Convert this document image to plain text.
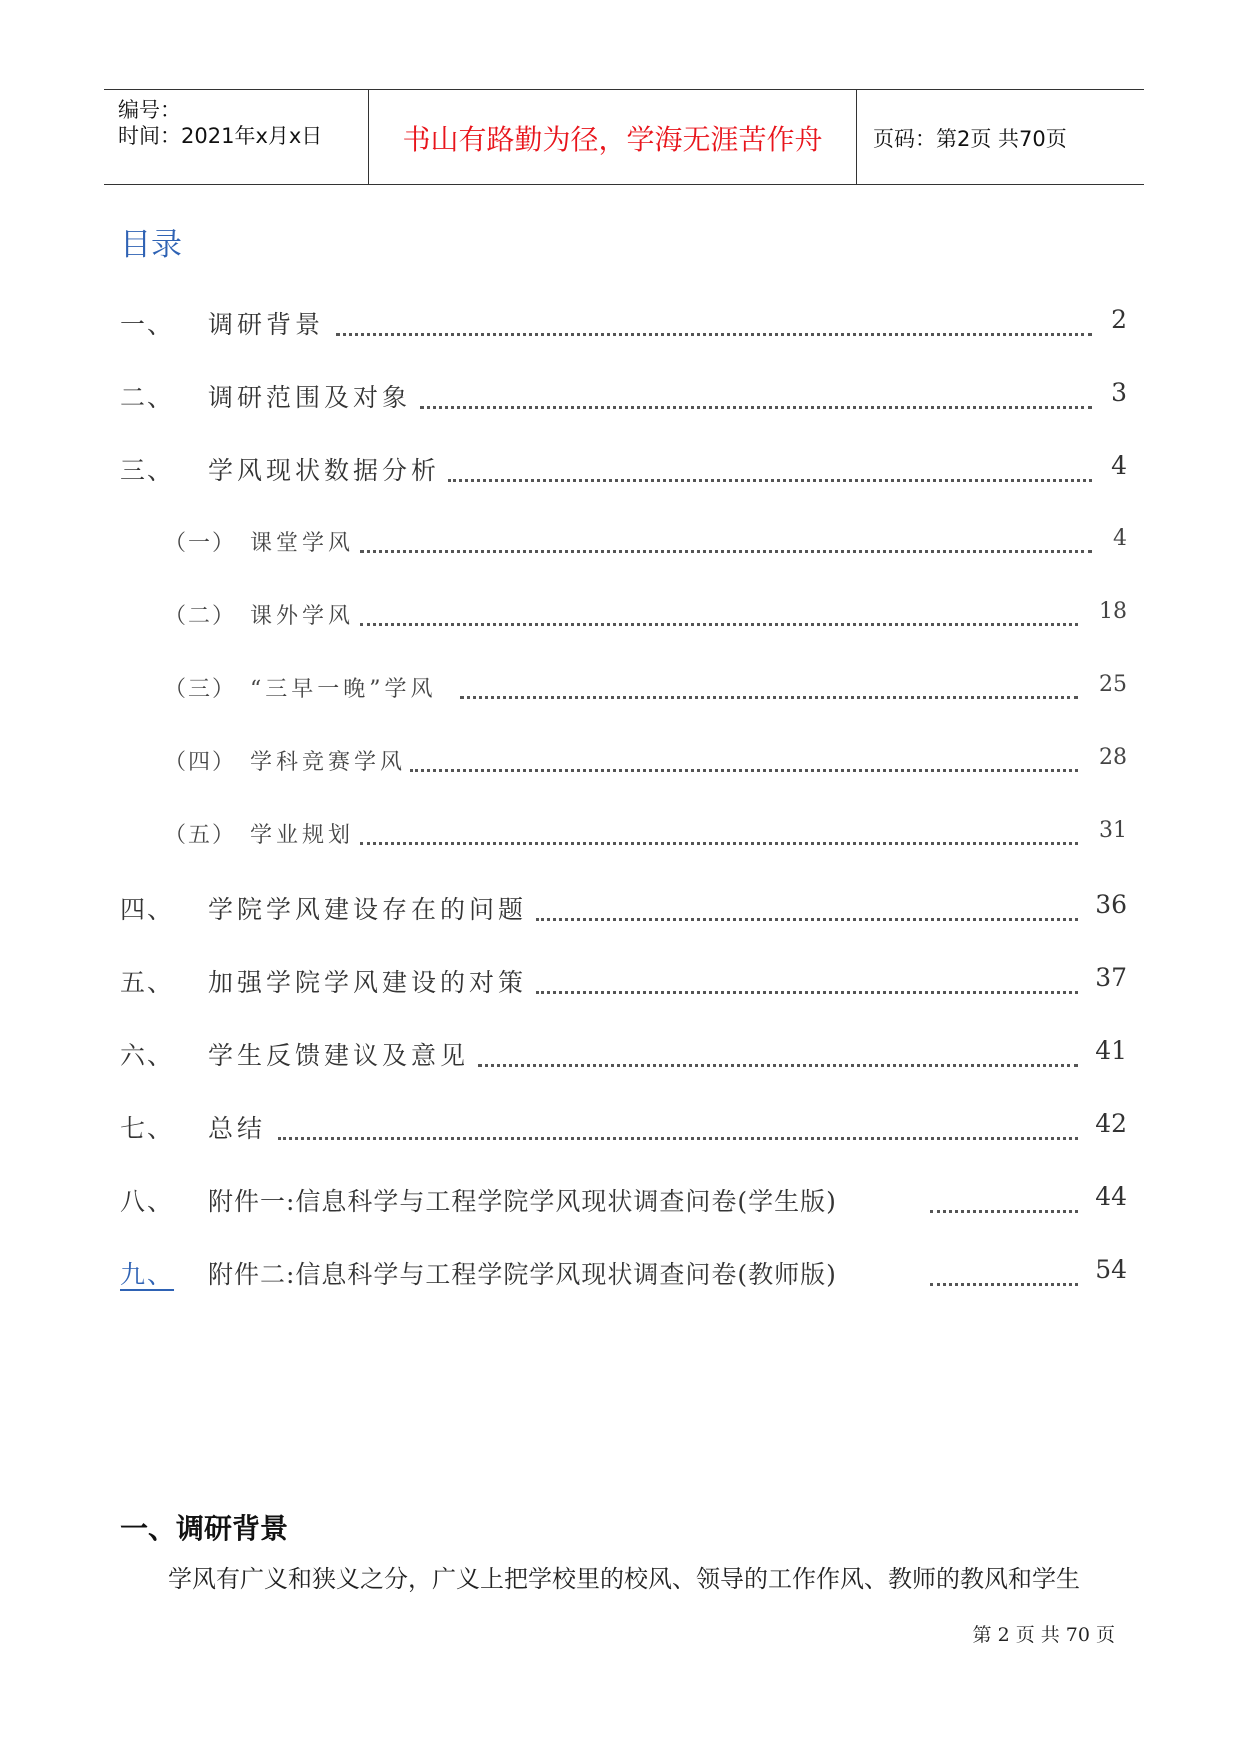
编号：
时间：2021年x月x日	书山有路勤为径，学海无涯苦作舟	页码：第2页 共70页
目录
一、 调研背景	2
二、 调研范围及对象	3
三、 学风现状数据分析	4
（一） 课堂学风	4
（二） 课外学风	18
（三） “三早一晚”学风	25
（四） 学科竞赛学风	28
（五） 学业规划	31
四、 学院学风建设存在的问题	36
五、 加强学院学风建设的对策	37
六、 学生反馈建议及意见	41
七、 总结	42
八、 附件一:信息科学与工程学院学风现状调查问卷(学生版)	44
九、 附件二:信息科学与工程学院学风现状调查问卷(教师版)	54
一、调研背景
学风有广义和狭义之分，广义上把学校里的校风、领导的工作作风、教师的教风和学生
第 2 页 共 70 页
